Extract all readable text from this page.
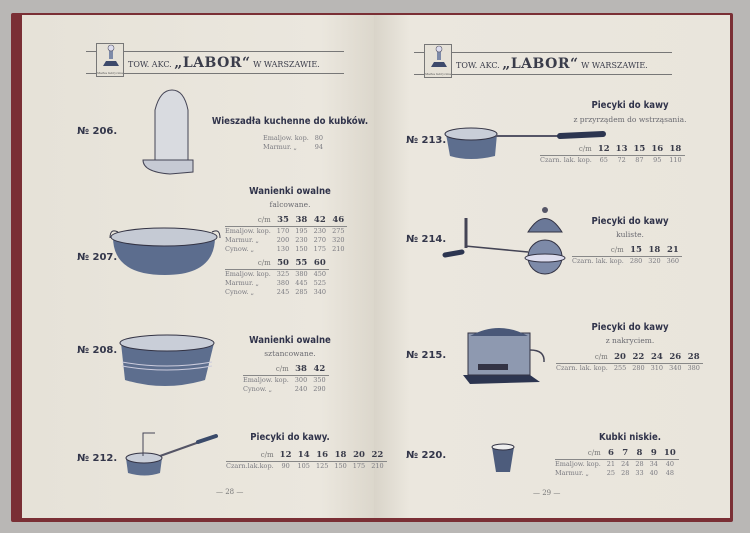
Marka fabryczna
TOW. AKC. „LABOR“ W WARSZAWIE.
Marka fabryczna
TOW. AKC. „LABOR“ W WARSZAWIE.
— 28 —
№ 206.
Wieszadła kuchenne do kubków.
Emaljow. kop.	80
Marmur. „	94
№ 207.
Wanienki owalne
falcowane.
c/m	35	38	42	46
Emaljow. kop.	170	195	230	275
Marmur. „	200	230	270	320
Cynow. „	130	150	175	210
c/m	50	55	60
Emaljow. kop.	325	380	450
Marmur. „	380	445	525
Cynow. „	245	285	340
№ 208.
Wanienki owalne
sztancowane.
c/m	38	42
Emaljow. kop.	300	350
Cynow. „	240	290
№ 212.
Piecyki do kawy.
c/m	12	14	16	18	20	22
Czarn.lak.kop.	90	105	125	150	175	210
— 29 —
№ 213.
Piecyki do kawy
z przyrządem do wstrząsania.
c/m	12	13	15	16	18
Czarn. lak. kop.	65	72	87	95	110
№ 214.
Piecyki do kawy
kuliste.
c/m	15	18	21
Czarn. lak. kop.	280	320	360
№ 215.
Piecyki do kawy
z nakryciem.
c/m	20	22	24	26	28
Czarn. lak. kop.	255	280	310	340	380
№ 220.
Kubki niskie.
c/m	6	7	8	9	10
Emaljow. kop.	21	24	28	34	40
Marmur. „	25	28	33	40	48
